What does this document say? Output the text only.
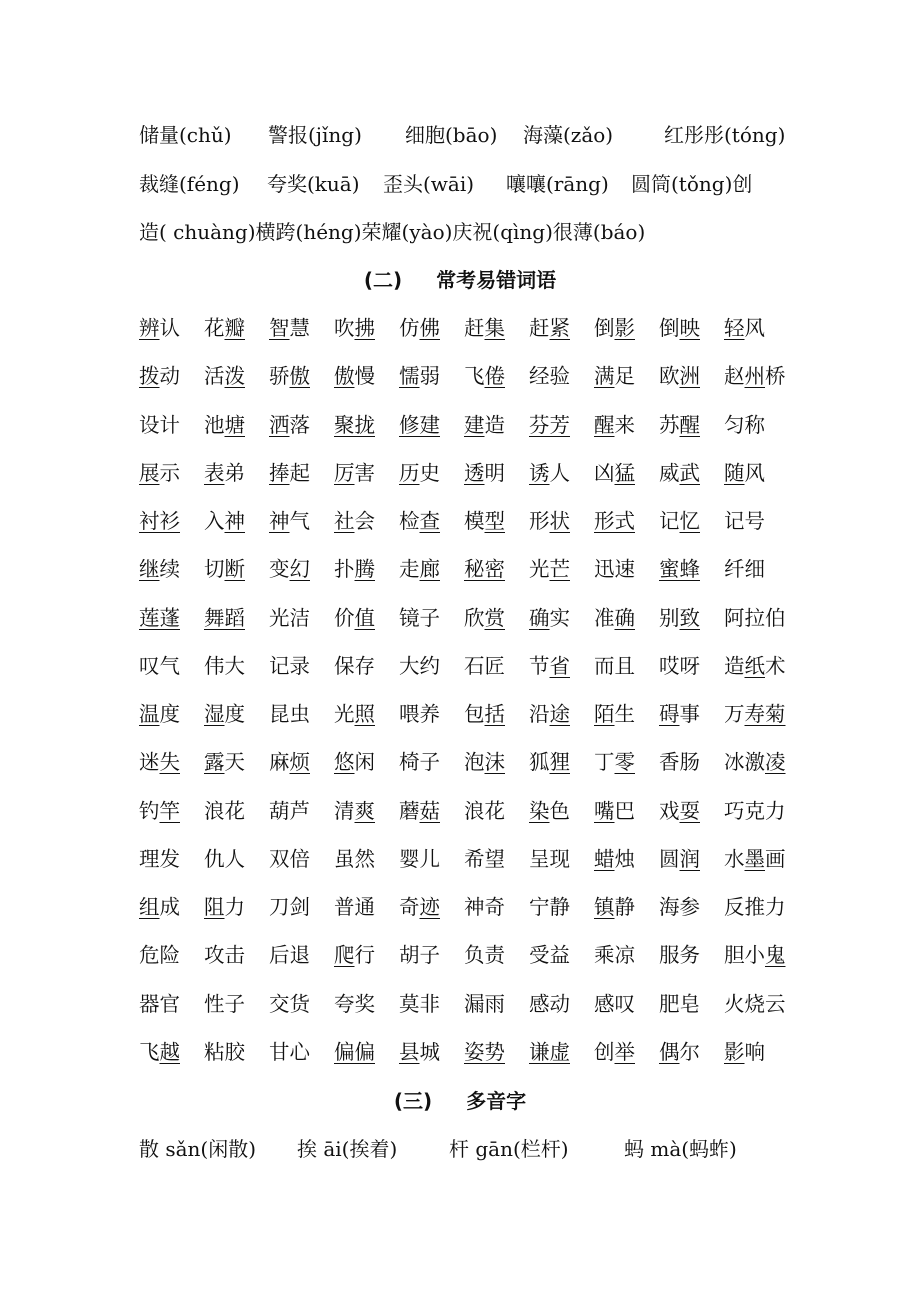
储量(chǔ) 警报(jǐng) 细胞(bāo) 海藻(zǎo)	红彤彤(tóng)
裁缝(féng) 夸奖(kuā) 歪头(wāi) 嚷嚷(rāng) 圆筒(tǒng)创
造( chuàng)横跨(héng)荣耀(yào)庆祝(qìng)很薄(báo)
(二) 常考易错词语
辨认 花瓣 智慧 吹拂 仿佛 赶集 赶紧 倒影 倒映 轻风
拨动 活泼 骄傲 傲慢 懦弱 飞倦 经验 满足 欧洲 赵州桥
设计 池塘 洒落 聚拢 修建 建造 芬芳 醒来 苏醒 匀称
展示 表弟 捧起 厉害 历史 透明 诱人 凶猛 威武 随风
衬衫 入神 神气 社会 检查 模型 形状 形式 记忆 记号
继续 切断 变幻 扑腾 走廊 秘密 光芒 迅速 蜜蜂 纤细
莲蓬 舞蹈 光洁 价值 镜子 欣赏 确实 准确 别致 阿拉伯
叹气 伟大 记录 保存 大约 石匠 节省 而且 哎呀 造纸术
温度 湿度 昆虫 光照 喂养 包括 沿途 陌生 碍事 万寿菊
迷失 露天 麻烦 悠闲 椅子 泡沫 狐狸 丁零 香肠 冰激凌
钓竿 浪花 葫芦 清爽 蘑菇 浪花 染色 嘴巴 戏耍 巧克力
理发 仇人 双倍 虽然 婴儿 希望 呈现 蜡烛 圆润 水墨画
组成 阻力 刀剑 普通 奇迹 神奇 宁静 镇静 海参 反推力
危险 攻击 后退 爬行 胡子 负责 受益 乘凉 服务 胆小鬼
器官 性子 交货 夸奖 莫非 漏雨 感动 感叹 肥皂 火烧云
飞越 粘胶 甘心 偏偏 县城 姿势 谦虚 创举 偶尔 影响
(三) 多音字
散 sǎn(闲散) 挨 āi(挨着)	杆 gān(栏杆)	蚂 mà(蚂蚱)
